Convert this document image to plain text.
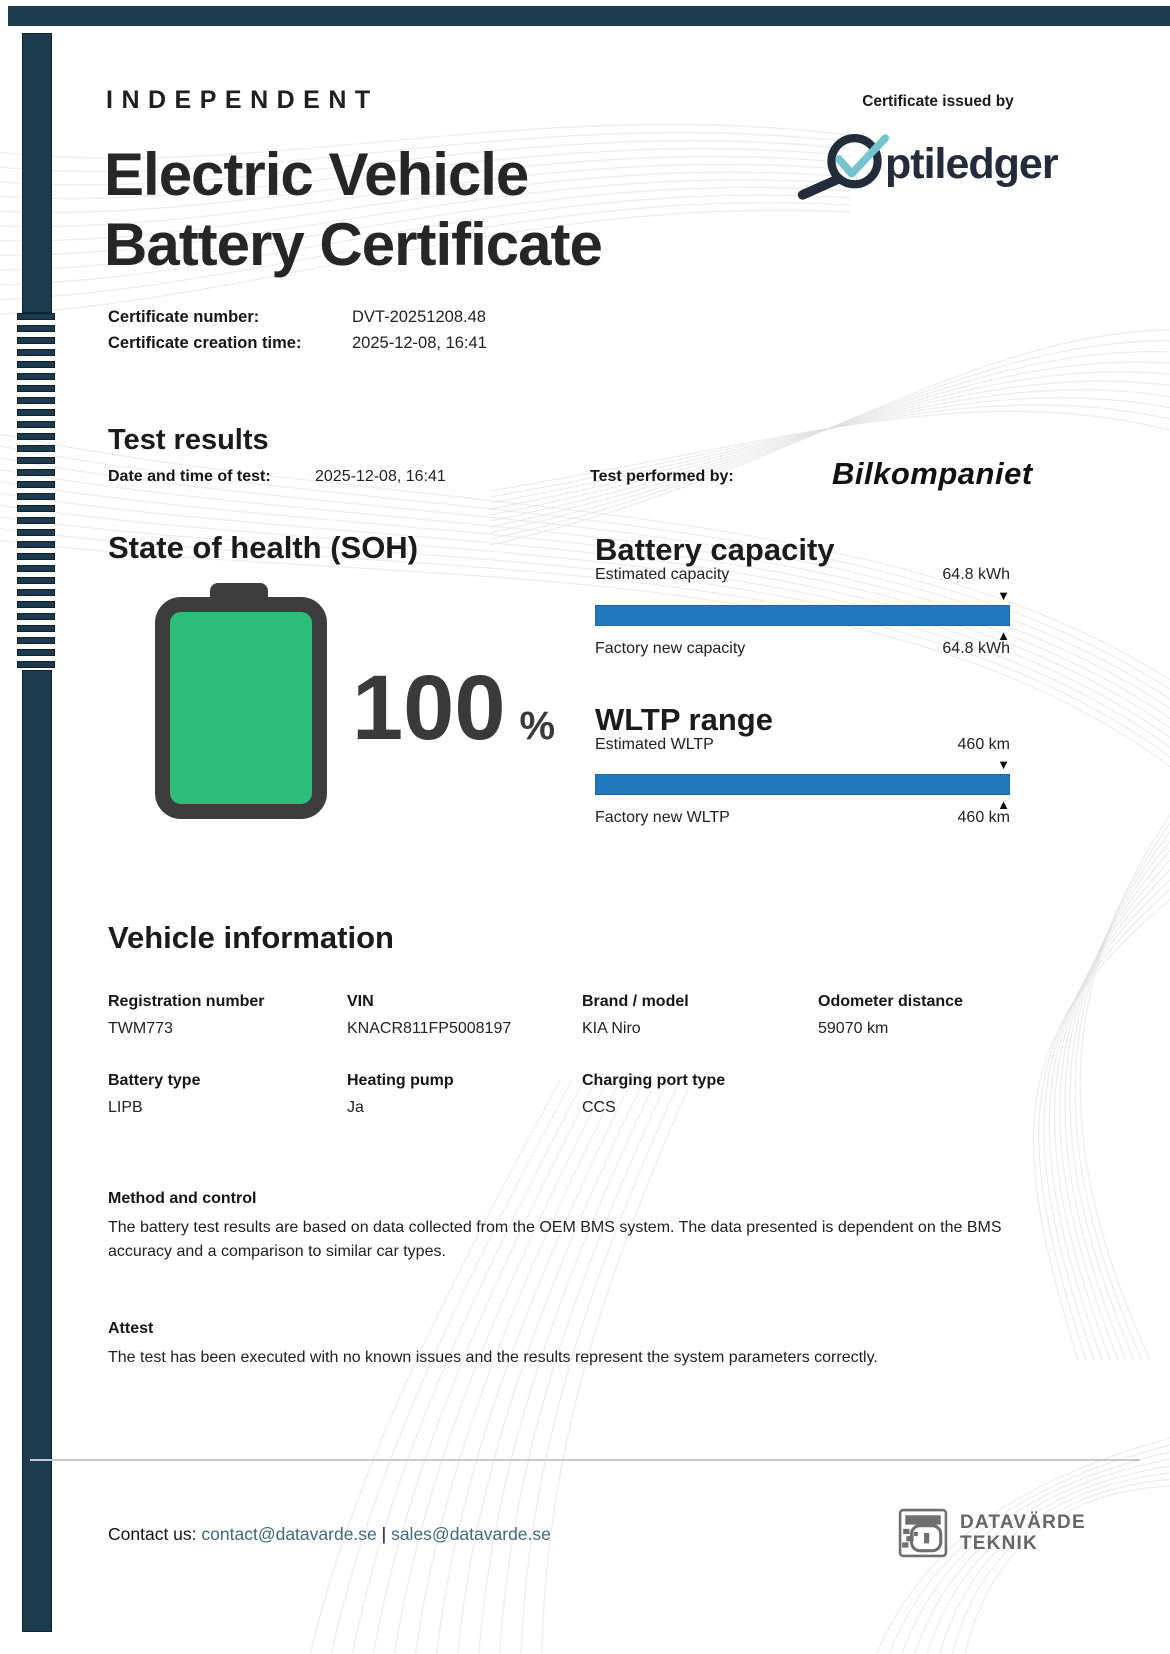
INDEPENDENT
Electric Vehicle
Battery Certificate
Certificate issued by
ptiledger
Certificate number:	DVT-20251208.48
Certificate creation time:	2025-12-08, 16:41
Test results
Date and time of test:	2025-12-08, 16:41	Test performed by:	Bilkompaniet
State of health (SOH)
100 %
Battery capacity
Estimated capacity	64.8 kWh
▼
▲
Factory new capacity	64.8 kWh
WLTP range
Estimated WLTP	460 km
▼
▲
Factory new WLTP	460 km
Vehicle information
Registration number
TWM773
VIN
KNACR811FP5008197
Brand / model
KIA Niro
Odometer distance
59070 km
Battery type
LIPB
Heating pump
Ja
Charging port type
CCS
Method and control
The battery test results are based on data collected from the OEM BMS system. The data presented is dependent on the BMS accuracy and a comparison to similar car types.
Attest
The test has been executed with no known issues and the results represent the system parameters correctly.
Contact us: contact@datavarde.se | sales@datavarde.se
DATAVÄRDE
TEKNIK
